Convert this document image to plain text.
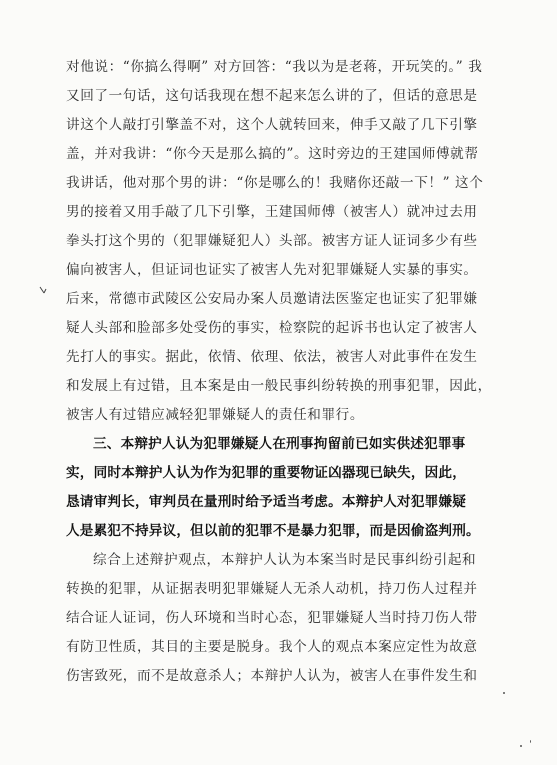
对他说：“你搞么得啊” 对方回答：“我以为是老蒋，开玩笑的。” 我
又回了一句话，这句话我现在想不起来怎么讲的了，但话的意思是
讲这个人敲打引擎盖不对，这个人就转回来，伸手又敲了几下引擎
盖，并对我讲：“你今天是那么搞的”。这时旁边的王建国师傅就帮
我讲话，他对那个男的讲：“你是哪么的！我赌你还敲一下！” 这个
男的接着又用手敲了几下引擎，王建国师傅（被害人）就冲过去用
拳头打这个男的（犯罪嫌疑犯人）头部。被害方证人证词多少有些
偏向被害人，但证词也证实了被害人先对犯罪嫌疑人实暴的事实。
后来，常德市武陵区公安局办案人员邀请法医鉴定也证实了犯罪嫌
疑人头部和脸部多处受伤的事实，检察院的起诉书也认定了被害人
先打人的事实。据此，依情、依理、依法，被害人对此事件在发生
和发展上有过错，且本案是由一般民事纠纷转换的刑事犯罪，因此，
被害人有过错应减轻犯罪嫌疑人的责任和罪行。
三、本辩护人认为犯罪嫌疑人在刑事拘留前已如实供述犯罪事
实，同时本辩护人认为作为犯罪的重要物证凶器现已缺失，因此，
恳请审判长，审判员在量刑时给予适当考虑。本辩护人对犯罪嫌疑
人是累犯不持异议，但以前的犯罪不是暴力犯罪，而是因偷盗判刑。
综合上述辩护观点，本辩护人认为本案当时是民事纠纷引起和
转换的犯罪，从证据表明犯罪嫌疑人无杀人动机，持刀伤人过程并
结合证人证词，伤人环境和当时心态，犯罪嫌疑人当时持刀伤人带
有防卫性质，其目的主要是脱身。我个人的观点本案应定性为故意
伤害致死，而不是故意杀人；本辩护人认为，被害人在事件发生和
